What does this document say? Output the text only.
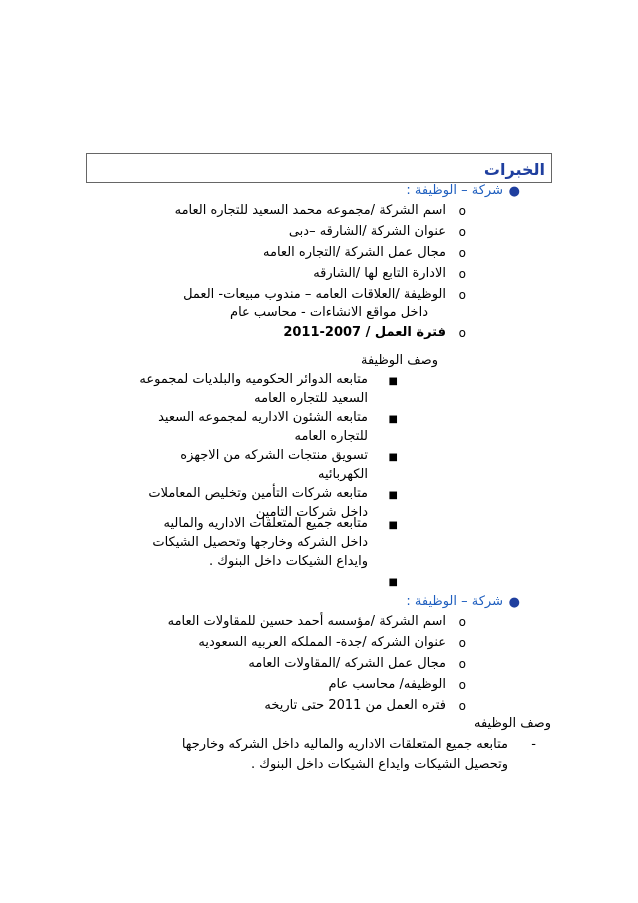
الخبرات
●
شركة – الوظيفة :
o
اسم الشركة /مجموعه محمد السعيد للتجاره العامه
o
عنوان الشركة /الشارقه –دبى
o
مجال عمل الشركة /التجاره العامه
o
الادارة التابع لها /الشارقه
o
الوظيفة /العلاقات العامه – مندوب مبيعات- العمل
داخل مواقع الانشاءات - محاسب عام
o
فترة العمل / 2007-2011
وصف الوظيفة
■
متابعه الدوائر الحكوميه والبلديات لمجموعه
السعيد للتجاره العامه
■
متابعه الشئون الاداريه لمجموعه السعيد
للتجاره العامه
■
تسويق منتجات الشركه من الاجهزه
الكهربائيه
■
متابعه شركات التأمين وتخليص المعاملات
داخل شركات التامين
■
متابعه جميع المتعلقات الاداريه والماليه
داخل الشركه وخارجها وتحصيل الشيكات
وايداع الشيكات داخل البنوك .
■
●
شركة – الوظيفة :
o
اسم الشركة /مؤسسه أحمد حسين للمقاولات العامه
o
عنوان الشركه /جدة- المملكه العربيه السعوديه
o
مجال عمل الشركه /المقاولات العامه
o
الوظيفه/ محاسب عام
o
فتره العمل من 2011 حتى تاريخه
وصف الوظيفه
-
متابعه جميع المتعلقات الاداريه والماليه داخل الشركه وخارجها
وتحصيل الشيكات وايداع الشيكات داخل البنوك .
